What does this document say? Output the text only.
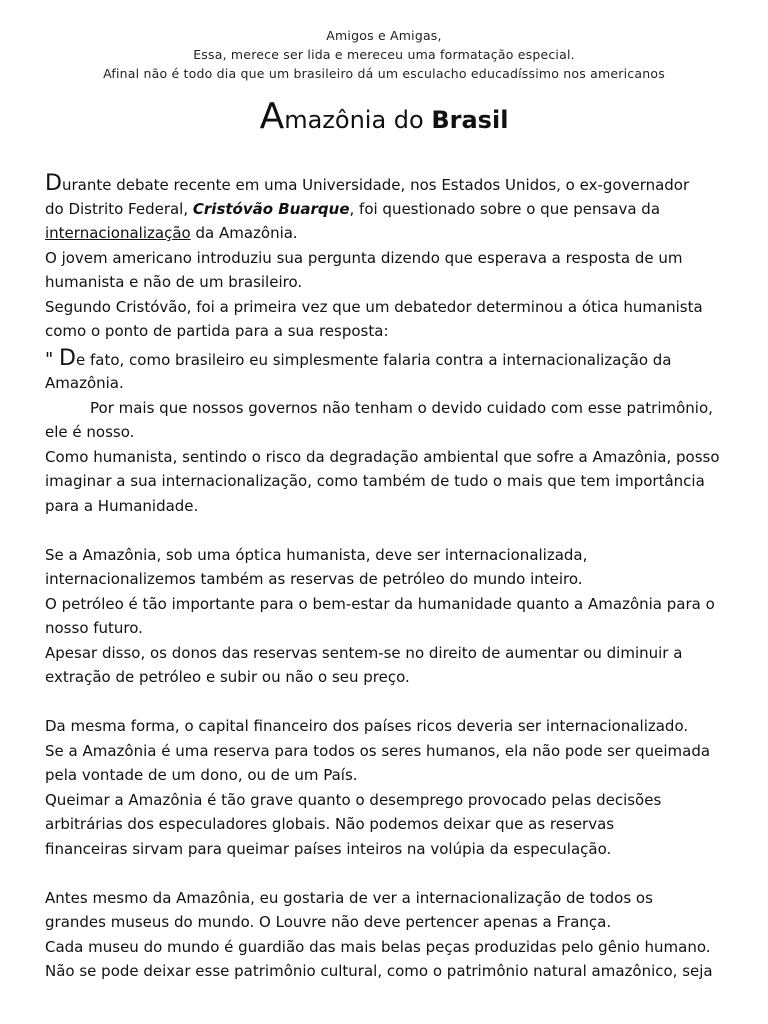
Amigos e Amigas,
Essa, merece ser lida e mereceu uma formatação especial.
Afinal não é todo dia que um brasileiro dá um esculacho educadíssimo nos americanos
Amazônia do Brasil
Durante debate recente em uma Universidade, nos Estados Unidos, o ex-governador
do Distrito Federal, Cristóvão Buarque, foi questionado sobre o que pensava da
internacionalização da Amazônia.
O jovem americano introduziu sua pergunta dizendo que esperava a resposta de um
humanista e não de um brasileiro.
Segundo Cristóvão, foi a primeira vez que um debatedor determinou a ótica humanista
como o ponto de partida para a sua resposta:
" De fato, como brasileiro eu simplesmente falaria contra a internacionalização da
Amazônia.
Por mais que nossos governos não tenham o devido cuidado com esse patrimônio,
ele é nosso.
Como humanista, sentindo o risco da degradação ambiental que sofre a Amazônia, posso
imaginar a sua internacionalização, como também de tudo o mais que tem importância
para a Humanidade.
Se a Amazônia, sob uma óptica humanista, deve ser internacionalizada,
internacionalizemos também as reservas de petróleo do mundo inteiro.
O petróleo é tão importante para o bem-estar da humanidade quanto a Amazônia para o
nosso futuro.
Apesar disso, os donos das reservas sentem-se no direito de aumentar ou diminuir a
extração de petróleo e subir ou não o seu preço.
Da mesma forma, o capital financeiro dos países ricos deveria ser internacionalizado.
Se a Amazônia é uma reserva para todos os seres humanos, ela não pode ser queimada
pela vontade de um dono, ou de um País.
Queimar a Amazônia é tão grave quanto o desemprego provocado pelas decisões
arbitrárias dos especuladores globais. Não podemos deixar que as reservas
financeiras sirvam para queimar países inteiros na volúpia da especulação.
Antes mesmo da Amazônia, eu gostaria de ver a internacionalização de todos os
grandes museus do mundo. O Louvre não deve pertencer apenas a França.
Cada museu do mundo é guardião das mais belas peças produzidas pelo gênio humano.
Não se pode deixar esse patrimônio cultural, como o patrimônio natural amazônico, seja
